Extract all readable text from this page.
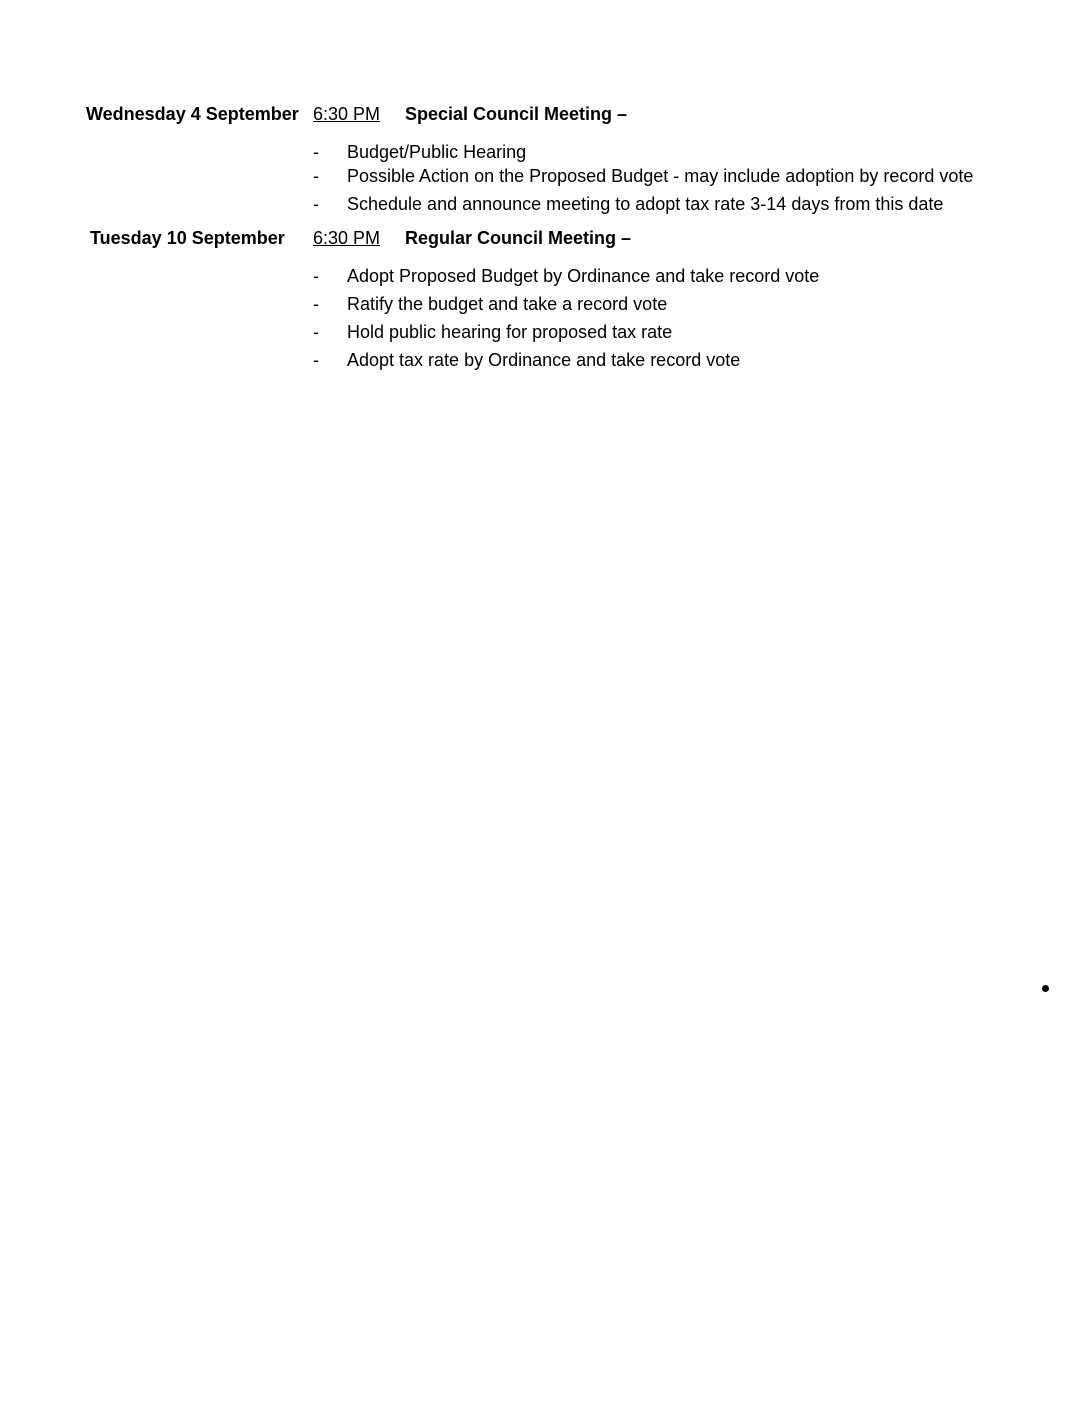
Wednesday 4 September 6:30 PM Special Council Meeting –
- Budget/Public Hearing
- Possible Action on the Proposed Budget - may include adoption by record vote
- Schedule and announce meeting to adopt tax rate 3-14 days from this date
Tuesday 10 September 6:30 PM Regular Council Meeting –
- Adopt Proposed Budget by Ordinance and take record vote
- Ratify the budget and take a record vote
- Hold public hearing for proposed tax rate
- Adopt tax rate by Ordinance and take record vote
